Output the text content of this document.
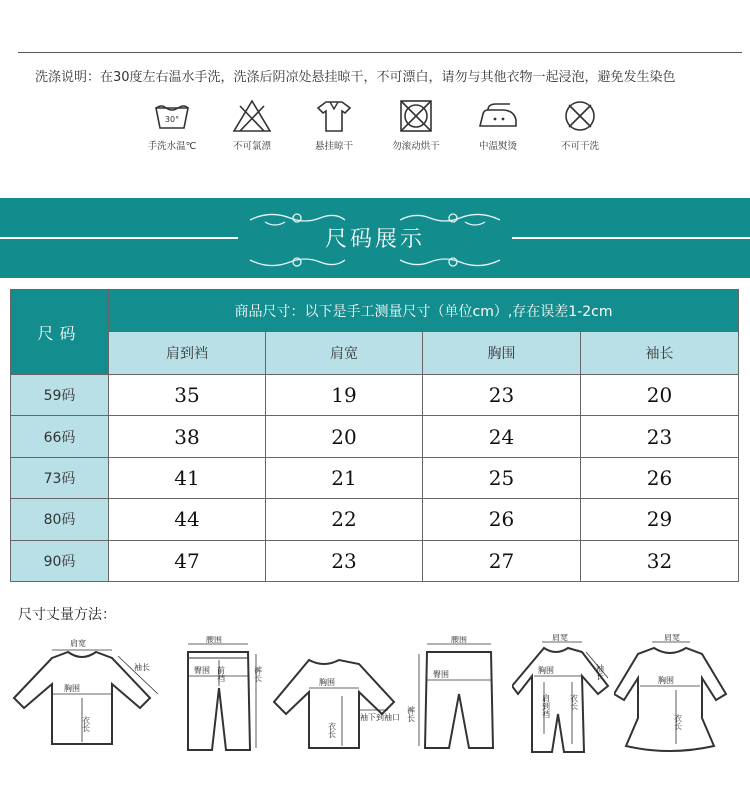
洗涤说明：在30度左右温水手洗，洗涤后阴凉处悬挂晾干，不可漂白，请勿与其他衣物一起浸泡，避免发生染色
30°
手洗水温℃	不可氯漂	悬挂晾干	勿滚动烘干	中温熨烫	不可干洗
尺码展示
尺码	商品尺寸：以下是手工测量尺寸（单位cm）,存在误差1-2cm			
	肩到裆	肩宽	胸围	袖长
59码	35	19	23	20
66码	38	20	24	23
73码	41	21	25	26
80码	44	22	26	29
90码	47	23	27	32
尺寸丈量方法：
肩宽
胸围
衣长
袖长
腰围
臀围 前裆	裤长
胸围
衣长
袖下到袖口
腰围
臀围
裤长
肩宽
胸围
肩到裆 衣长
袖长
肩宽
胸围
衣长
